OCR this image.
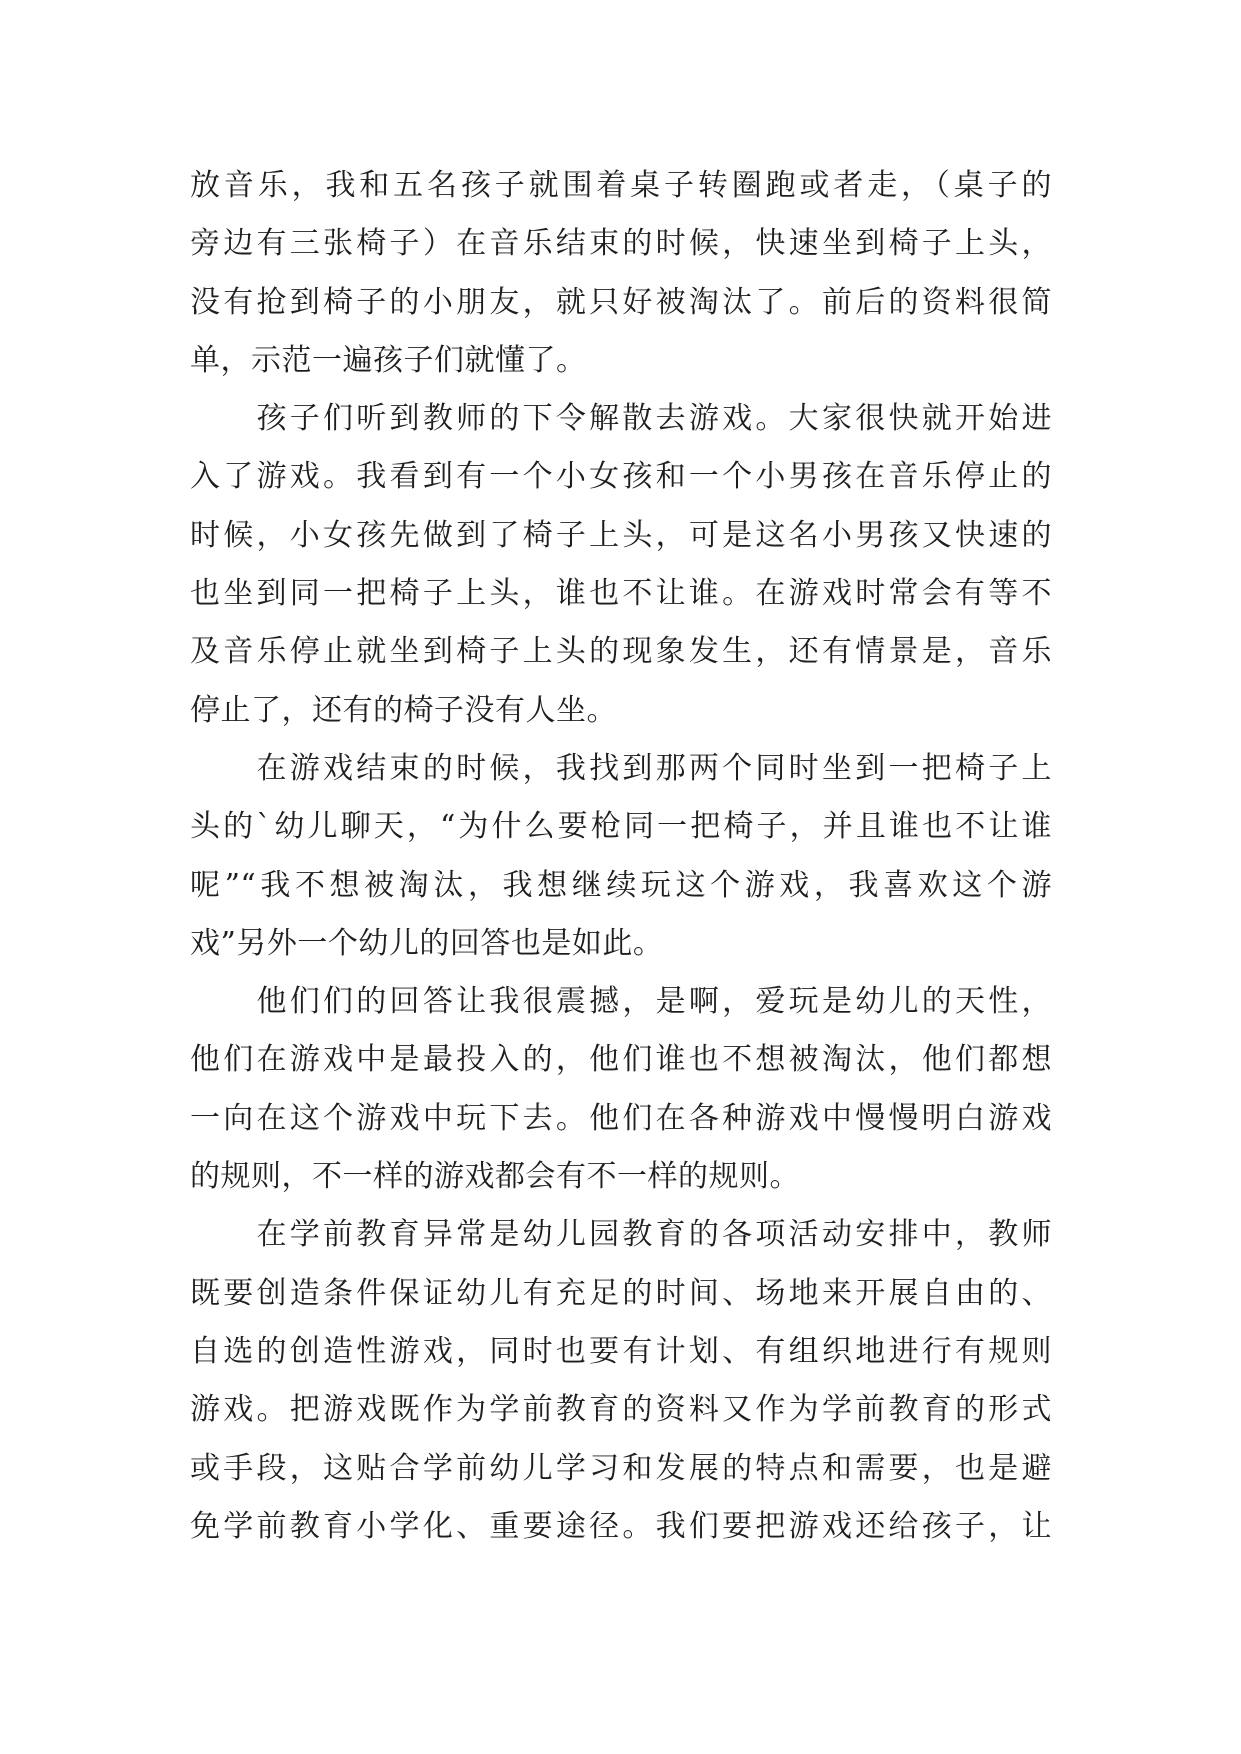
放音乐，我和五名孩子就围着桌子转圈跑或者走，（桌子的
旁边有三张椅子）在音乐结束的时候，快速坐到椅子上头，
没有抢到椅子的小朋友，就只好被淘汰了。前后的资料很简
单，示范一遍孩子们就懂了。
　　孩子们听到教师的下令解散去游戏。大家很快就开始进
入了游戏。我看到有一个小女孩和一个小男孩在音乐停止的
时候，小女孩先做到了椅子上头，可是这名小男孩又快速的
也坐到同一把椅子上头，谁也不让谁。在游戏时常会有等不
及音乐停止就坐到椅子上头的现象发生，还有情景是，音乐
停止了，还有的椅子没有人坐。
　　在游戏结束的时候，我找到那两个同时坐到一把椅子上
头的`幼儿聊天，“为什么要枪同一把椅子，并且谁也不让谁
呢”“我不想被淘汰，我想继续玩这个游戏，我喜欢这个游
戏”另外一个幼儿的回答也是如此。
　　他们们的回答让我很震撼，是啊，爱玩是幼儿的天性，
他们在游戏中是最投入的，他们谁也不想被淘汰，他们都想
一向在这个游戏中玩下去。他们在各种游戏中慢慢明白游戏
的规则，不一样的游戏都会有不一样的规则。
　　在学前教育异常是幼儿园教育的各项活动安排中，教师
既要创造条件保证幼儿有充足的时间、场地来开展自由的、
自选的创造性游戏，同时也要有计划、有组织地进行有规则
游戏。把游戏既作为学前教育的资料又作为学前教育的形式
或手段，这贴合学前幼儿学习和发展的特点和需要，也是避
免学前教育小学化、重要途径。我们要把游戏还给孩子，让
